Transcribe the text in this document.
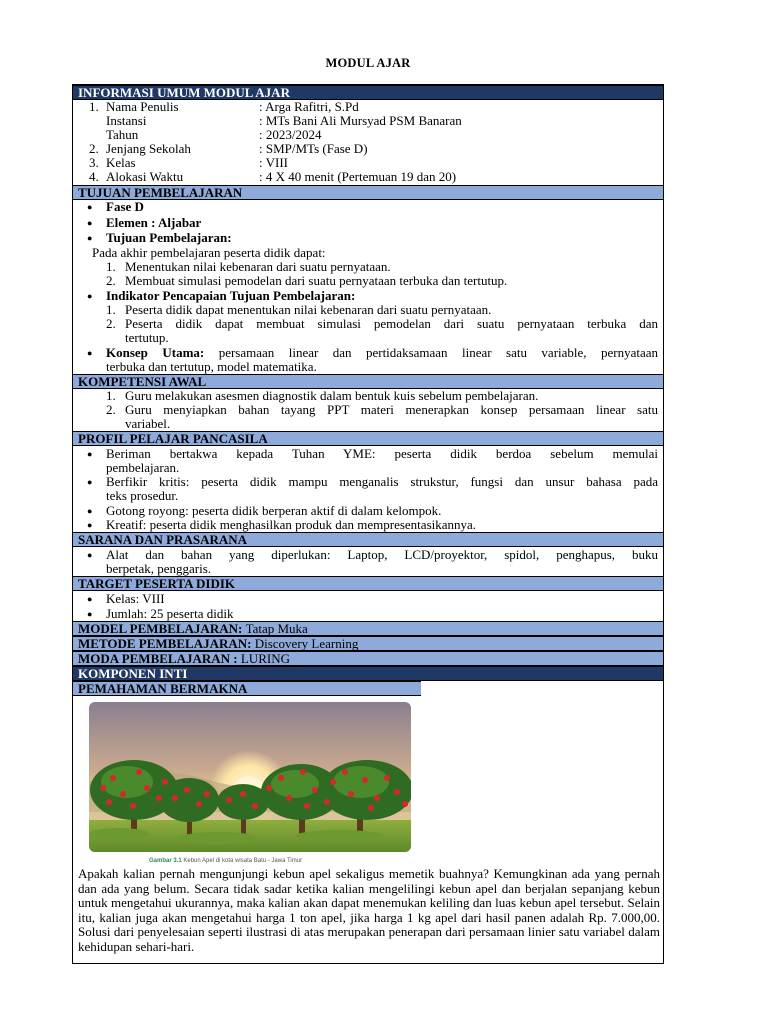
MODUL AJAR
INFORMASI UMUM MODUL AJAR
1. Nama Penulis	: Arga Rafitri, S.Pd
Instansi	: MTs Bani Ali Mursyad PSM Banaran
Tahun	: 2023/2024
2. Jenjang Sekolah	: SMP/MTs (Fase D)
3. Kelas	: VIII
4. Alokasi Waktu	: 4 X 40 menit (Pertemuan 19 dan 20)
TUJUAN PEMBELAJARAN
● Fase D
● Elemen : Aljabar
● Tujuan Pembelajaran:
Pada akhir pembelajaran peserta didik dapat:
1. Menentukan nilai kebenaran dari suatu pernyataan.
2. Membuat simulasi pemodelan dari suatu pernyataan terbuka dan tertutup.
● Indikator Pencapaian Tujuan Pembelajaran:
1. Peserta didik dapat menentukan nilai kebenaran dari suatu pernyataan.
2. Peserta didik dapat membuat simulasi pemodelan dari suatu pernyataan terbuka dan
tertutup.
● Konsep Utama: persamaan linear dan pertidaksamaan linear satu variable, pernyataan
terbuka dan tertutup, model matematika.
KOMPETENSI AWAL
1. Guru melakukan asesmen diagnostik dalam bentuk kuis sebelum pembelajaran.
2. Guru menyiapkan bahan tayang PPT materi menerapkan konsep persamaan linear satu
variabel.
PROFIL PELAJAR PANCASILA
● Beriman bertakwa kepada Tuhan YME: peserta didik berdoa sebelum memulai
pembelajaran.
● Berfikir kritis: peserta didik mampu menganalis strukstur, fungsi dan unsur bahasa pada
teks prosedur.
● Gotong royong: peserta didik berperan aktif di dalam kelompok.
● Kreatif: peserta didik menghasilkan produk dan mempresentasikannya.
SARANA DAN PRASARANA
● Alat dan bahan yang diperlukan: Laptop, LCD/proyektor, spidol, penghapus, buku
berpetak, penggaris.
TARGET PESERTA DIDIK
● Kelas: VIII
● Jumlah: 25 peserta didik
MODEL PEMBELAJARAN: Tatap Muka
METODE PEMBELAJARAN: Discovery Learning
MODA PEMBELAJARAN : LURING
KOMPONEN INTI
PEMAHAMAN BERMAKNA
Gambar 3.1 Kebun Apel di kota wisata Batu - Jawa Timur
Apakah kalian pernah mengunjungi kebun apel sekaligus memetik buahnya? Kemungkinan ada yang pernah dan ada yang belum. Secara tidak sadar ketika kalian mengelilingi kebun apel dan berjalan sepanjang kebun untuk mengetahui ukurannya, maka kalian akan dapat menemukan keliling dan luas kebun apel tersebut. Selain itu, kalian juga akan mengetahui harga 1 ton apel, jika harga 1 kg apel dari hasil panen adalah Rp. 7.000,00. Solusi dari penyelesaian seperti ilustrasi di atas merupakan penerapan dari persamaan linier satu variabel dalam kehidupan sehari-hari.
